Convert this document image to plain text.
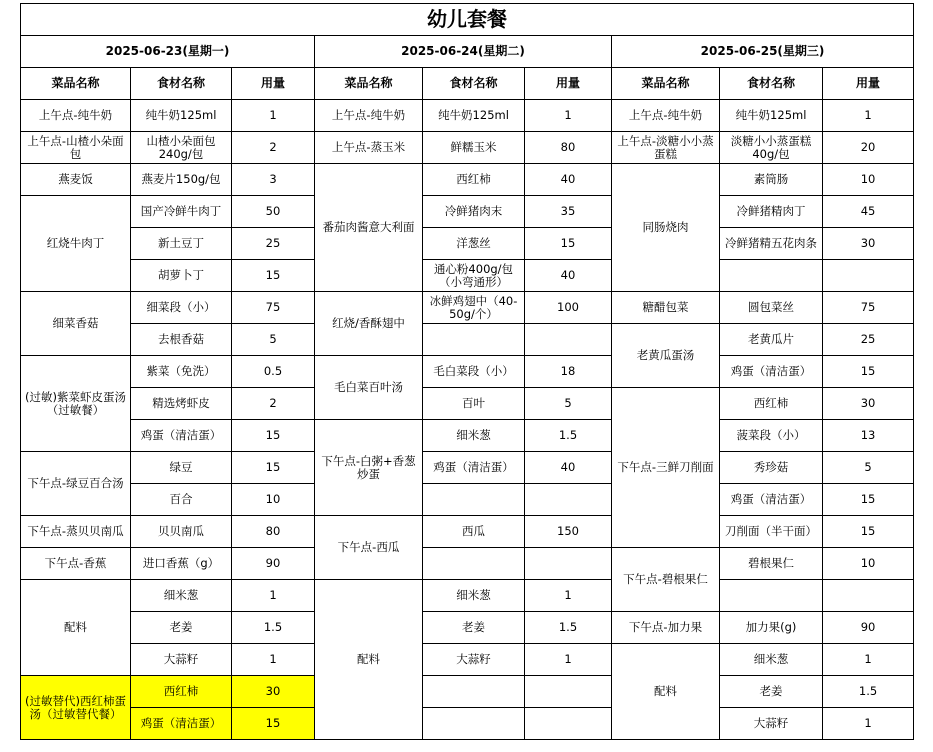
幼儿套餐								
2025-06-23(星期一)			2025-06-24(星期二)			2025-06-25(星期三)		
菜品名称	食材名称	用量	菜品名称	食材名称	用量	菜品名称	食材名称	用量
上午点-纯牛奶	纯牛奶125ml	1	上午点-纯牛奶	纯牛奶125ml	1	上午点-纯牛奶	纯牛奶125ml	1
上午点-山楂小朵面包	山楂小朵面包240g/包	2	上午点-蒸玉米	鲜糯玉米	80	上午点-淡糖小小蒸蛋糕	淡糖小小蒸蛋糕40g/包	20
燕麦饭	燕麦片150g/包	3	番茄肉酱意大利面	西红柿	40	同肠烧肉	素筒肠	10
红烧牛肉丁	国产冷鲜牛肉丁	50		冷鲜猪肉末	35		冷鲜猪精肉丁	45
	新土豆丁	25		洋葱丝	15		冷鲜猪精五花肉条	30
	胡萝卜丁	15		通心粉400g/包（小弯通形）	40			
细菜香菇	细菜段（小）	75	红烧/香酥翅中	冰鲜鸡翅中（40-50g/个）	100	糖醋包菜	圆包菜丝	75
	去根香菇	5				老黄瓜蛋汤	老黄瓜片	25
(过敏)紫菜虾皮蛋汤（过敏餐）	紫菜（免洗）	0.5	毛白菜百叶汤	毛白菜段（小）	18		鸡蛋（清洁蛋）	15
	精选烤虾皮	2		百叶	5	下午点-三鲜刀削面	西红柿	30
	鸡蛋（清洁蛋）	15	下午点-白粥+香葱炒蛋	细米葱	1.5		菠菜段（小）	13
下午点-绿豆百合汤	绿豆	15		鸡蛋（清洁蛋）	40		秀珍菇	5
	百合	10					鸡蛋（清洁蛋）	15
下午点-蒸贝贝南瓜	贝贝南瓜	80	下午点-西瓜	西瓜	150		刀削面（半干面）	15
下午点-香蕉	进口香蕉（g）	90				下午点-碧根果仁	碧根果仁	10
配料	细米葱	1	配料	细米葱	1			
	老姜	1.5		老姜	1.5	下午点-加力果	加力果(g)	90
	大蒜籽	1		大蒜籽	1	配料	细米葱	1
(过敏替代)西红柿蛋汤（过敏替代餐）	西红柿	30					老姜	1.5
	鸡蛋（清洁蛋）	15					大蒜籽	1
